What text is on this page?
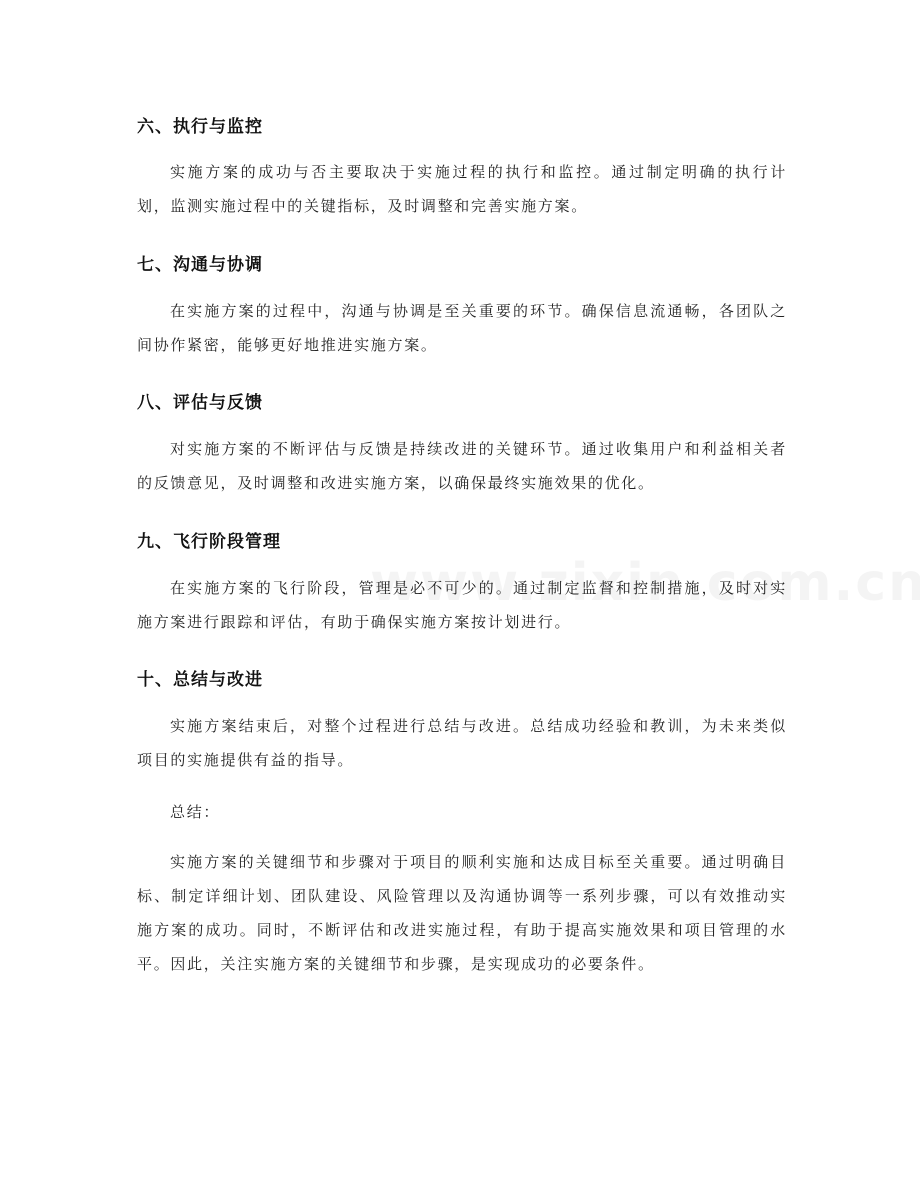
六、执行与监控
实施方案的成功与否主要取决于实施过程的执行和监控。通过制定明确的执行计划，监测实施过程中的关键指标，及时调整和完善实施方案。
七、沟通与协调
在实施方案的过程中，沟通与协调是至关重要的环节。确保信息流通畅，各团队之间协作紧密，能够更好地推进实施方案。
八、评估与反馈
对实施方案的不断评估与反馈是持续改进的关键环节。通过收集用户和利益相关者的反馈意见，及时调整和改进实施方案，以确保最终实施效果的优化。
九、飞行阶段管理
在实施方案的飞行阶段，管理是必不可少的。通过制定监督和控制措施，及时对实施方案进行跟踪和评估，有助于确保实施方案按计划进行。
十、总结与改进
实施方案结束后，对整个过程进行总结与改进。总结成功经验和教训，为未来类似项目的实施提供有益的指导。
总结：
实施方案的关键细节和步骤对于项目的顺利实施和达成目标至关重要。通过明确目标、制定详细计划、团队建设、风险管理以及沟通协调等一系列步骤，可以有效推动实施方案的成功。同时，不断评估和改进实施过程，有助于提高实施效果和项目管理的水平。因此，关注实施方案的关键细节和步骤，是实现成功的必要条件。
